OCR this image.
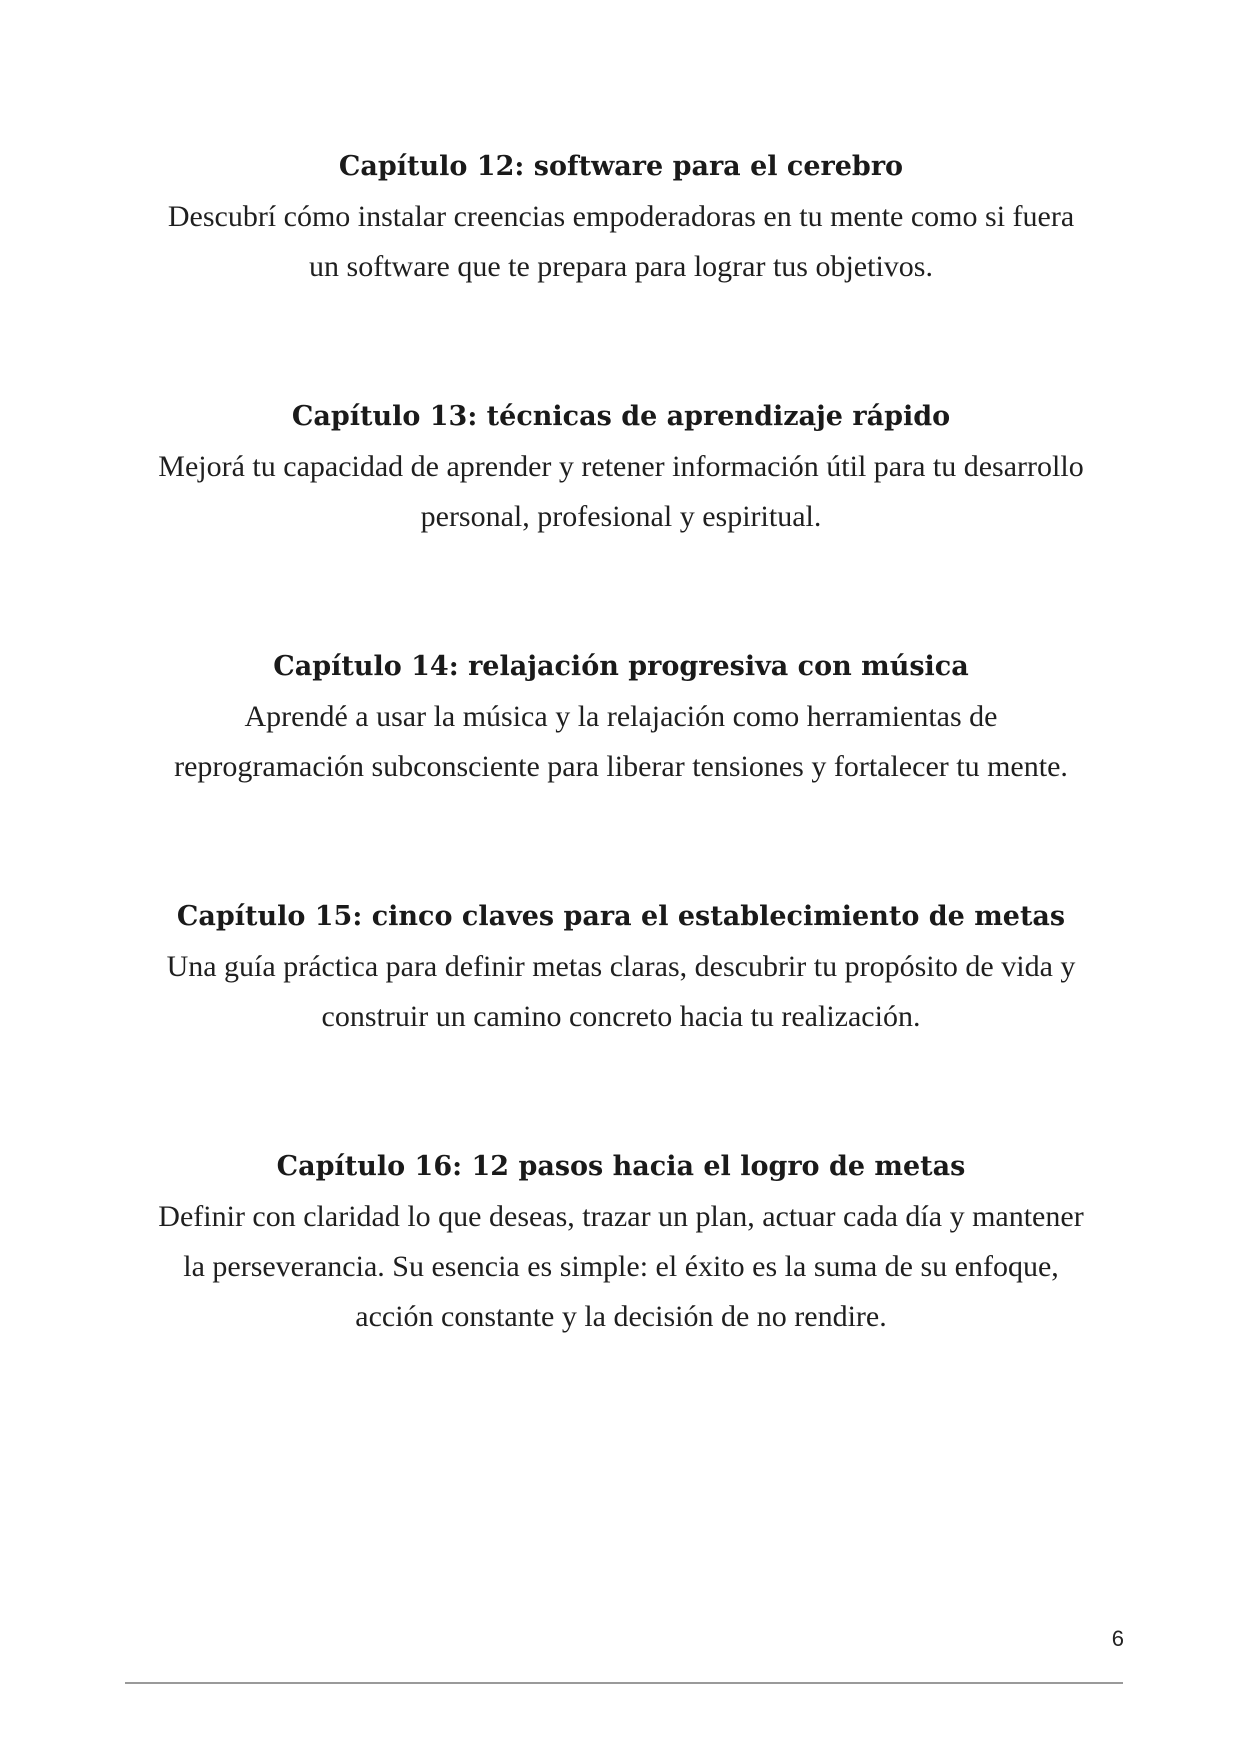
Capítulo 12: software para el cerebro

Descubrí cómo instalar creencias empoderadoras en tu mente como si fuera

un software que te prepara para lograr tus objetivos.

Capítulo 13: técnicas de aprendizaje rápido

Mejorá tu capacidad de aprender y retener información útil para tu desarrollo

personal, profesional y espiritual.

Capítulo 14: relajación progresiva con música

Aprendé a usar la música y la relajación como herramientas de

reprogramación subconsciente para liberar tensiones y fortalecer tu mente.

Capítulo 15: cinco claves para el establecimiento de metas

Una guía práctica para definir metas claras, descubrir tu propósito de vida y

construir un camino concreto hacia tu realización.

Capítulo 16: 12 pasos hacia el logro de metas

Definir con claridad lo que deseas, trazar un plan, actuar cada día y mantener

la perseverancia. Su esencia es simple: el éxito es la suma de su enfoque,

acción constante y la decisión de no rendire.

6
